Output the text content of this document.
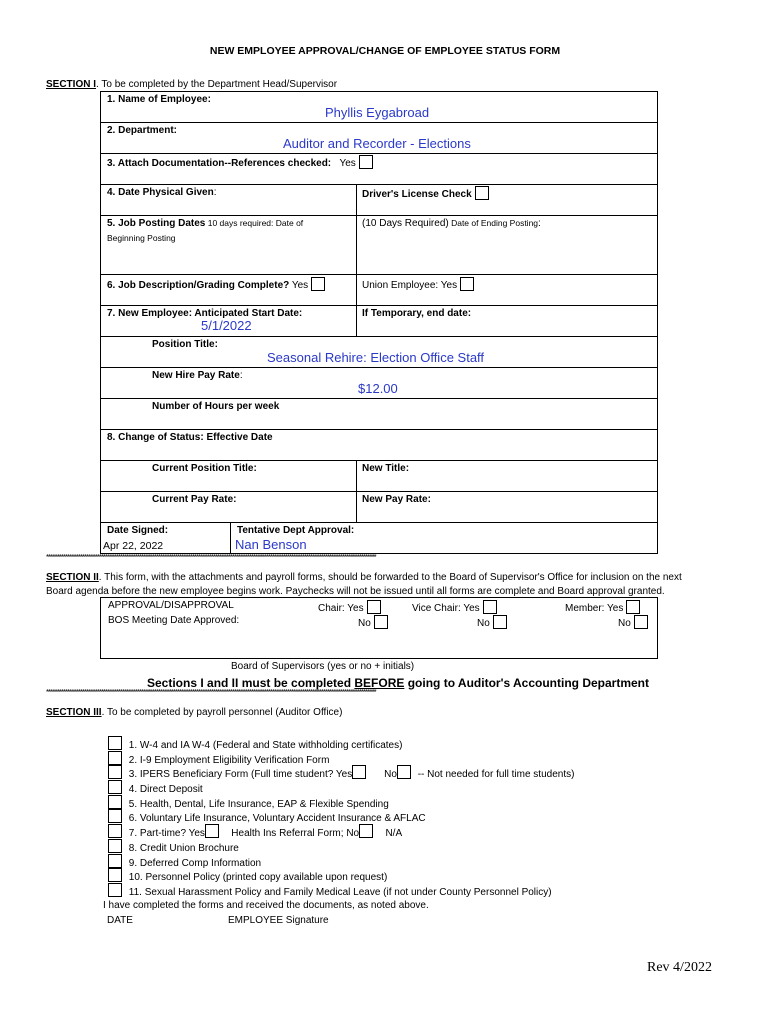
NEW EMPLOYEE APPROVAL/CHANGE OF EMPLOYEE STATUS FORM
SECTION I. To be completed by the Department Head/Supervisor
1. Name of Employee:
Phyllis Eygabroad
2. Department:
Auditor and Recorder - Elections
3. Attach Documentation--References checked: Yes
4. Date Physical Given:	Driver's License Check
5. Job Posting Dates 10 days required: Date of
Beginning Posting
(10 Days Required) Date of Ending Posting:
6. Job Description/Grading Complete? Yes	Union Employee: Yes
7. New Employee: Anticipated Start Date:
5/1/2022
If Temporary, end date:
Position Title:
Seasonal Rehire: Election Office Staff
New Hire Pay Rate:
$12.00
Number of Hours per week
8. Change of Status: Effective Date
Current Position Title:	New Title:
Current Pay Rate:	New Pay Rate:
Date Signed:
Apr 22, 2022
Tentative Dept Approval:
Nan Benson
************************************************************************************************************************************************************
SECTION II. This form, with the attachments and payroll forms, should be forwarded to the Board of Supervisor's Office for inclusion on the next
Board agenda before the new employee begins work. Paychecks will not be issued until all forms are complete and Board approval granted.
APPROVAL/DISAPPROVAL
BOS Meeting Date Approved:
Chair: Yes
No
Vice Chair: Yes
No
Member: Yes
No
Board of Supervisors (yes or no + initials)
Sections I and II must be completed BEFORE going to Auditor's Accounting Department
************************************************************************************************************************************************************
SECTION III. To be completed by payroll personnel (Auditor Office)
1. W-4 and IA W-4 (Federal and State withholding certificates)
2. I-9 Employment Eligibility Verification Form
3. IPERS Beneficiary Form (Full time student? Yes	No -- Not needed for full time students)
4. Direct Deposit
5. Health, Dental, Life Insurance, EAP & Flexible Spending
6. Voluntary Life Insurance, Voluntary Accident Insurance & AFLAC
7. Part-time? Yes	Health Ins Referral Form; No	N/A
8. Credit Union Brochure
9. Deferred Comp Information
10. Personnel Policy (printed copy available upon request)
11. Sexual Harassment Policy and Family Medical Leave (if not under County Personnel Policy)
I have completed the forms and received the documents, as noted above.
DATE	EMPLOYEE Signature
Rev 4/2022
